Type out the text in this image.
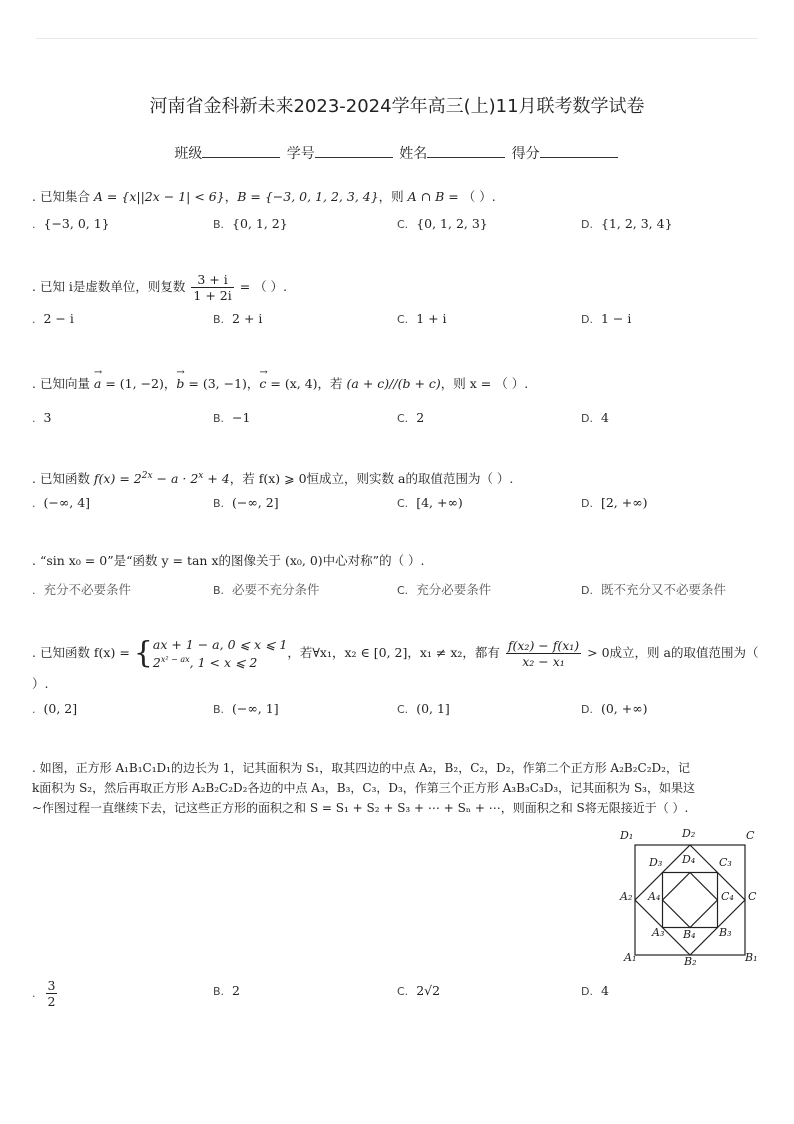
河南省金科新未来2023-2024学年高三(上)11月联考数学试卷
班级	学号	姓名	得分
. 已知集合 A = {x||2x − 1| < 6}，B = {−3, 0, 1, 2, 3, 4}，则 A ∩ B = （ ）.
. {−3, 0, 1}	B. {0, 1, 2}	C. {0, 1, 2, 3}	D. {1, 2, 3, 4}
. 已知 i是虚数单位，则复数 $\frac{3 + i}{1 + 2i}$ = （ ）.
. 2 − i	B. 2 + i	C. 1 + i	D. 1 − i
. 已知向量 → a = (1, −2)，→ b = (3, −1)，→ c = (x, 4)，若 (a + c)//(b + c)，则 x = （ ）.
. 3	B. −1	C. 2	D. 4
. 已知函数 $f(x) = 2^{2x} - a \cdot 2^x + 4$，若 f(x) ⩾ 0恒成立，则实数 a的取值范围为（ ）.
. (−∞, 4]	B. (−∞, 2]	C. [4, +∞)	D. [2, +∞)
. “sin x₀ = 0”是“函数 y = tan x的图像关于 (x₀, 0)中心对称”的（ ）.
. 充分不必要条件	B. 必要不充分条件	C. 充分必要条件	D. 既不充分又不必要条件
. 已知函数 f(x) = { ax + 1 − a, 0 ⩽ x ⩽ 1
$2^{x^2 - ax}$, 1 < x ⩽ 2
，若∀x₁，x₂ ∈ [0, 2]，x₁ ≠ x₂，都有 $\frac{\text{f(x₂) − f(x₁)}}{\text{x₂ − x₁}} > 0$成立，则 a的取值范围为（
）.
. (0, 2]	B. (−∞, 1]	C. (0, 1]	D. (0, +∞)
. 如图，正方形 A₁B₁C₁D₁的边长为 1，记其面积为 S₁，取其四边的中点 A₂，B₂，C₂，D₂，作第二个正方形 A₂B₂C₂D₂，记
k面积为 S₂，然后再取正方形 A₂B₂C₂D₂各边的中点 A₃，B₃，C₃，D₃，作第三个正方形 A₃B₃C₃D₃，记其面积为 S₃，如果这
~作图过程一直继续下去，记这些正方形的面积之和 S = S₁ + S₂ + S₃ + ⋯ + Sₙ + ⋯，则面积之和 S将无限接近于（ ）.
D₁	D₂	C
D₃ D₄ C₃
A₂ A₄	C₄ C
A₃ B₄ B₃
A₁	B₂	B₁
. $\frac{3}{2}$	B. 2	C. 2√2	D. 4
